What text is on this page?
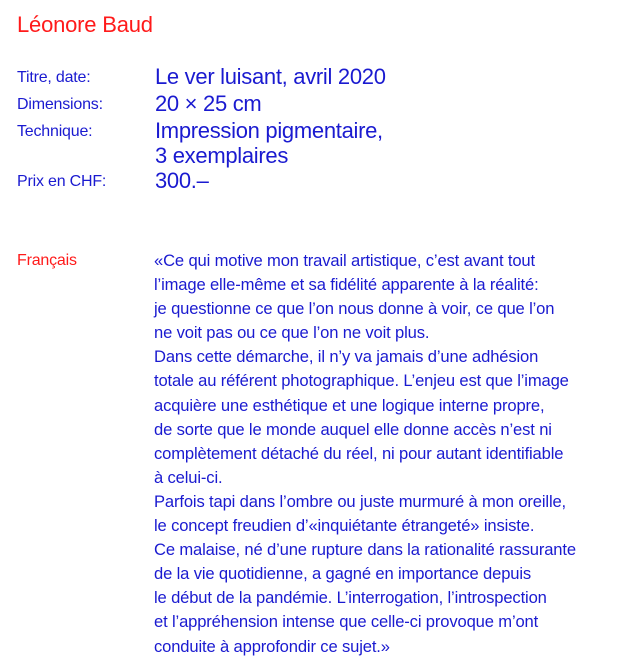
Léonore Baud
Titre, date:	Le ver luisant, avril 2020
Dimensions:	20 × 25 cm
Technique:	Impression pigmentaire,
3 exemplaires
Prix en CHF:	300.–
Français	«Ce qui motive mon travail artistique, c’est avant tout
l’image elle-même et sa fidélité apparente à la réalité:
je questionne ce que l’on nous donne à voir, ce que l’on
ne voit pas ou ce que l’on ne voit plus.
Dans cette démarche, il n’y va jamais d’une adhésion
totale au référent photographique. L’enjeu est que l’image
acquière une esthétique et une logique interne propre,
de sorte que le monde auquel elle donne accès n’est ni
complètement détaché du réel, ni pour autant identifiable
à celui-ci.
Parfois tapi dans l’ombre ou juste murmuré à mon oreille,
le concept freudien d’«inquiétante étrangeté» insiste.
Ce malaise, né d’une rupture dans la rationalité rassurante
de la vie quotidienne, a gagné en importance depuis
le début de la pandémie. L’interrogation, l’introspection
et l’appréhension intense que celle-ci provoque m’ont
conduite à approfondir ce sujet.»
